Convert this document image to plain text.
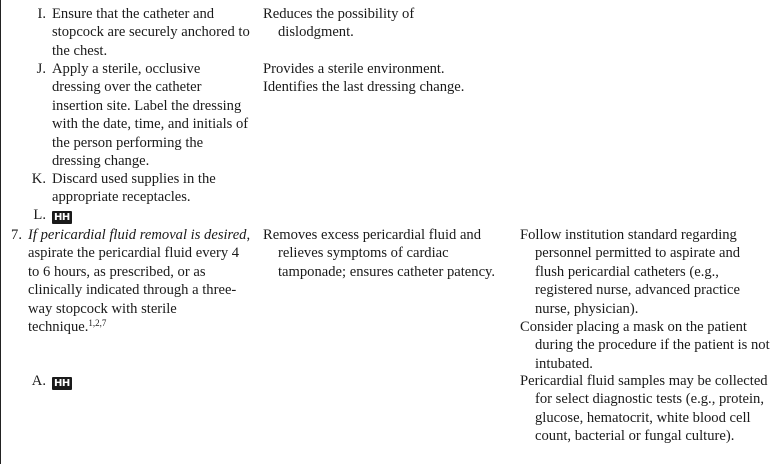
I. Ensure that the catheter and stopcock are securely anchored to the chest.
Reduces the possibility of dislodgment.
J. Apply a sterile, occlusive dressing over the catheter insertion site. Label the dressing with the date, time, and initials of the person performing the dressing change.

Provides a sterile environment.

Identifies the last dressing change.

K. Discard used supplies in the appropriate receptacles.
L. HH
7. If pericardial fluid removal is desired, aspirate the pericardial fluid every 4 to 6 hours, as prescribed, or as clinically indicated through a three-way stopcock with sterile technique.$^{1,2,7}$
Removes excess pericardial fluid and relieves symptoms of cardiac tamponade; ensures catheter patency.

Follow institution standard regarding personnel permitted to aspirate and flush pericardial catheters (e.g., registered nurse, advanced practice nurse, physician).

Consider placing a mask on the patient during the procedure if the patient is not intubated.

A. HH	Pericardial fluid samples may be collected for select diagnostic tests (e.g., protein, glucose, hematocrit, white blood cell count, bacterial or fungal culture).
